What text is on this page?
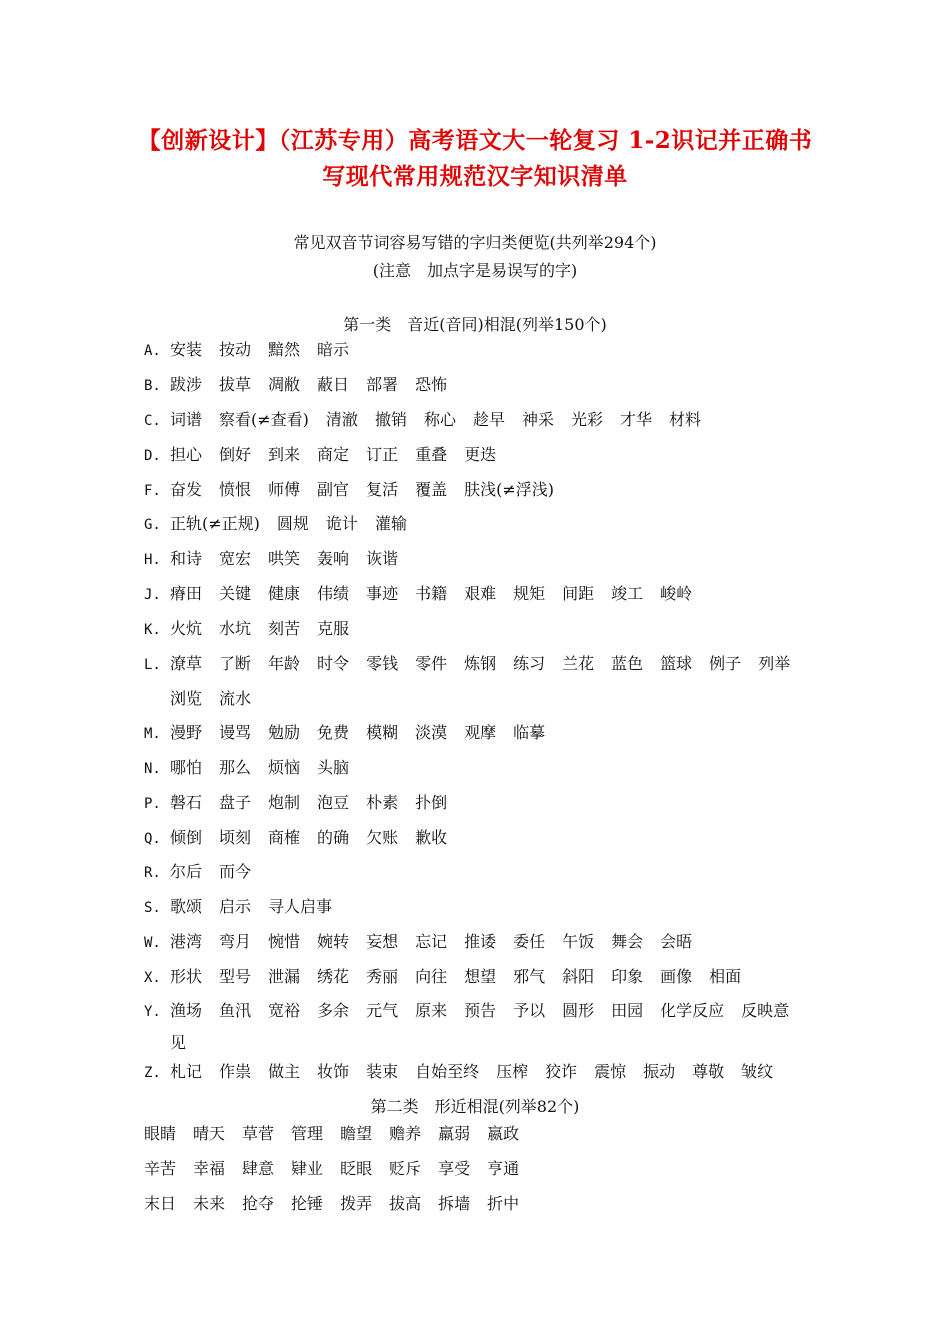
【创新设计】（江苏专用）高考语文大一轮复习 1-2识记并正确书
写现代常用规范汉字知识清单
常见双音节词容易写错的字归类便览(共列举294个)
(注意　加点字是易误写的字)
第一类　音近(音同)相混(列举150个)
A. 安装 按动 黯然 暗示
B. 跋涉 拔草 凋敝 蔽日 部署 恐怖
C. 词谱 察看(≠查看) 清澈 撤销 称心 趁早 神采 光彩 才华 材料
D. 担心 倒好 到来 商定 订正 重叠 更迭
F. 奋发 愤恨 师傅 副官 复活 覆盖 肤浅(≠浮浅)
G. 正轨(≠正规) 圆规 诡计 灌输
H. 和诗 宽宏 哄笑 轰响 诙谐
J. 瘠田 关键 健康 伟绩 事迹 书籍 艰难 规矩 间距 竣工 峻岭
K. 火炕 水坑 刻苦 克服
L. 潦草 了断 年龄 时令 零钱 零件 炼钢 练习 兰花 蓝色 篮球 例子 列举
浏览 流水
M. 漫野 谩骂 勉励 免费 模糊 淡漠 观摩 临摹
N. 哪怕 那么 烦恼 头脑
P. 磐石 盘子 炮制 泡豆 朴素 扑倒
Q. 倾倒 顷刻 商榷 的确 欠账 歉收
R. 尔后 而今
S. 歌颂 启示 寻人启事
W. 港湾 弯月 惋惜 婉转 妄想 忘记 推诿 委任 午饭 舞会 会晤
X. 形状 型号 泄漏 绣花 秀丽 向往 想望 邪气 斜阳 印象 画像 相面
Y. 渔场 鱼汛 宽裕 多余 元气 原来 预告 予以 圆形 田园 化学反应 反映意
见
Z. 札记 作祟 做主 妆饰 装束 自始至终 压榨 狡诈 震惊 振动 尊敬 皱纹
第二类　形近相混(列举82个)
眼睛 晴天 草菅 管理 瞻望 赡养 羸弱 嬴政
辛苦 幸福 肆意 肄业 眨眼 贬斥 享受 亨通
末日 未来 抢夺 抡锤 拨弄 拔高 拆墙 折中
